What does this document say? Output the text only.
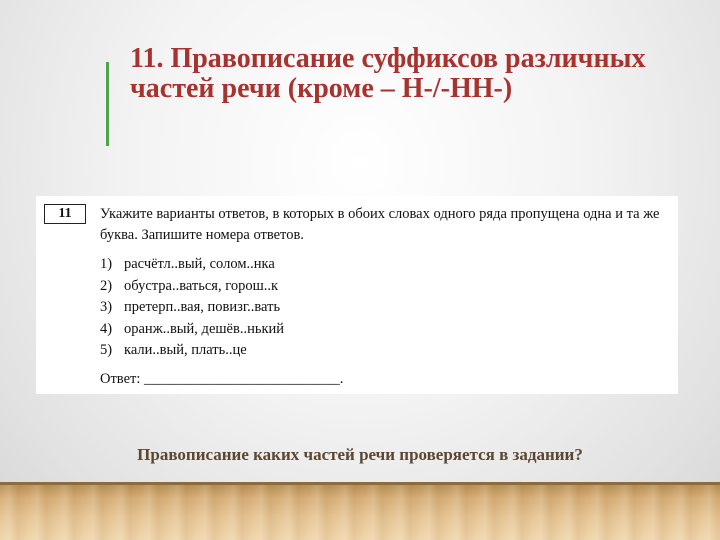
11. Правописание суффиксов различных частей речи (кроме – Н-/-НН-)
11	Укажите варианты ответов, в которых в обоих словах одного ряда пропущена одна и та же буква. Запишите номера ответов.

1) расчётл..вый, солом..нка
2) обустра..ваться, горош..к
3) претерп..вая, повизг..вать
4) оранж..вый, дешёв..нький
5) кали..вый, плать..це
Ответ: ___________________________.

Правописание каких частей речи проверяется в задании?
